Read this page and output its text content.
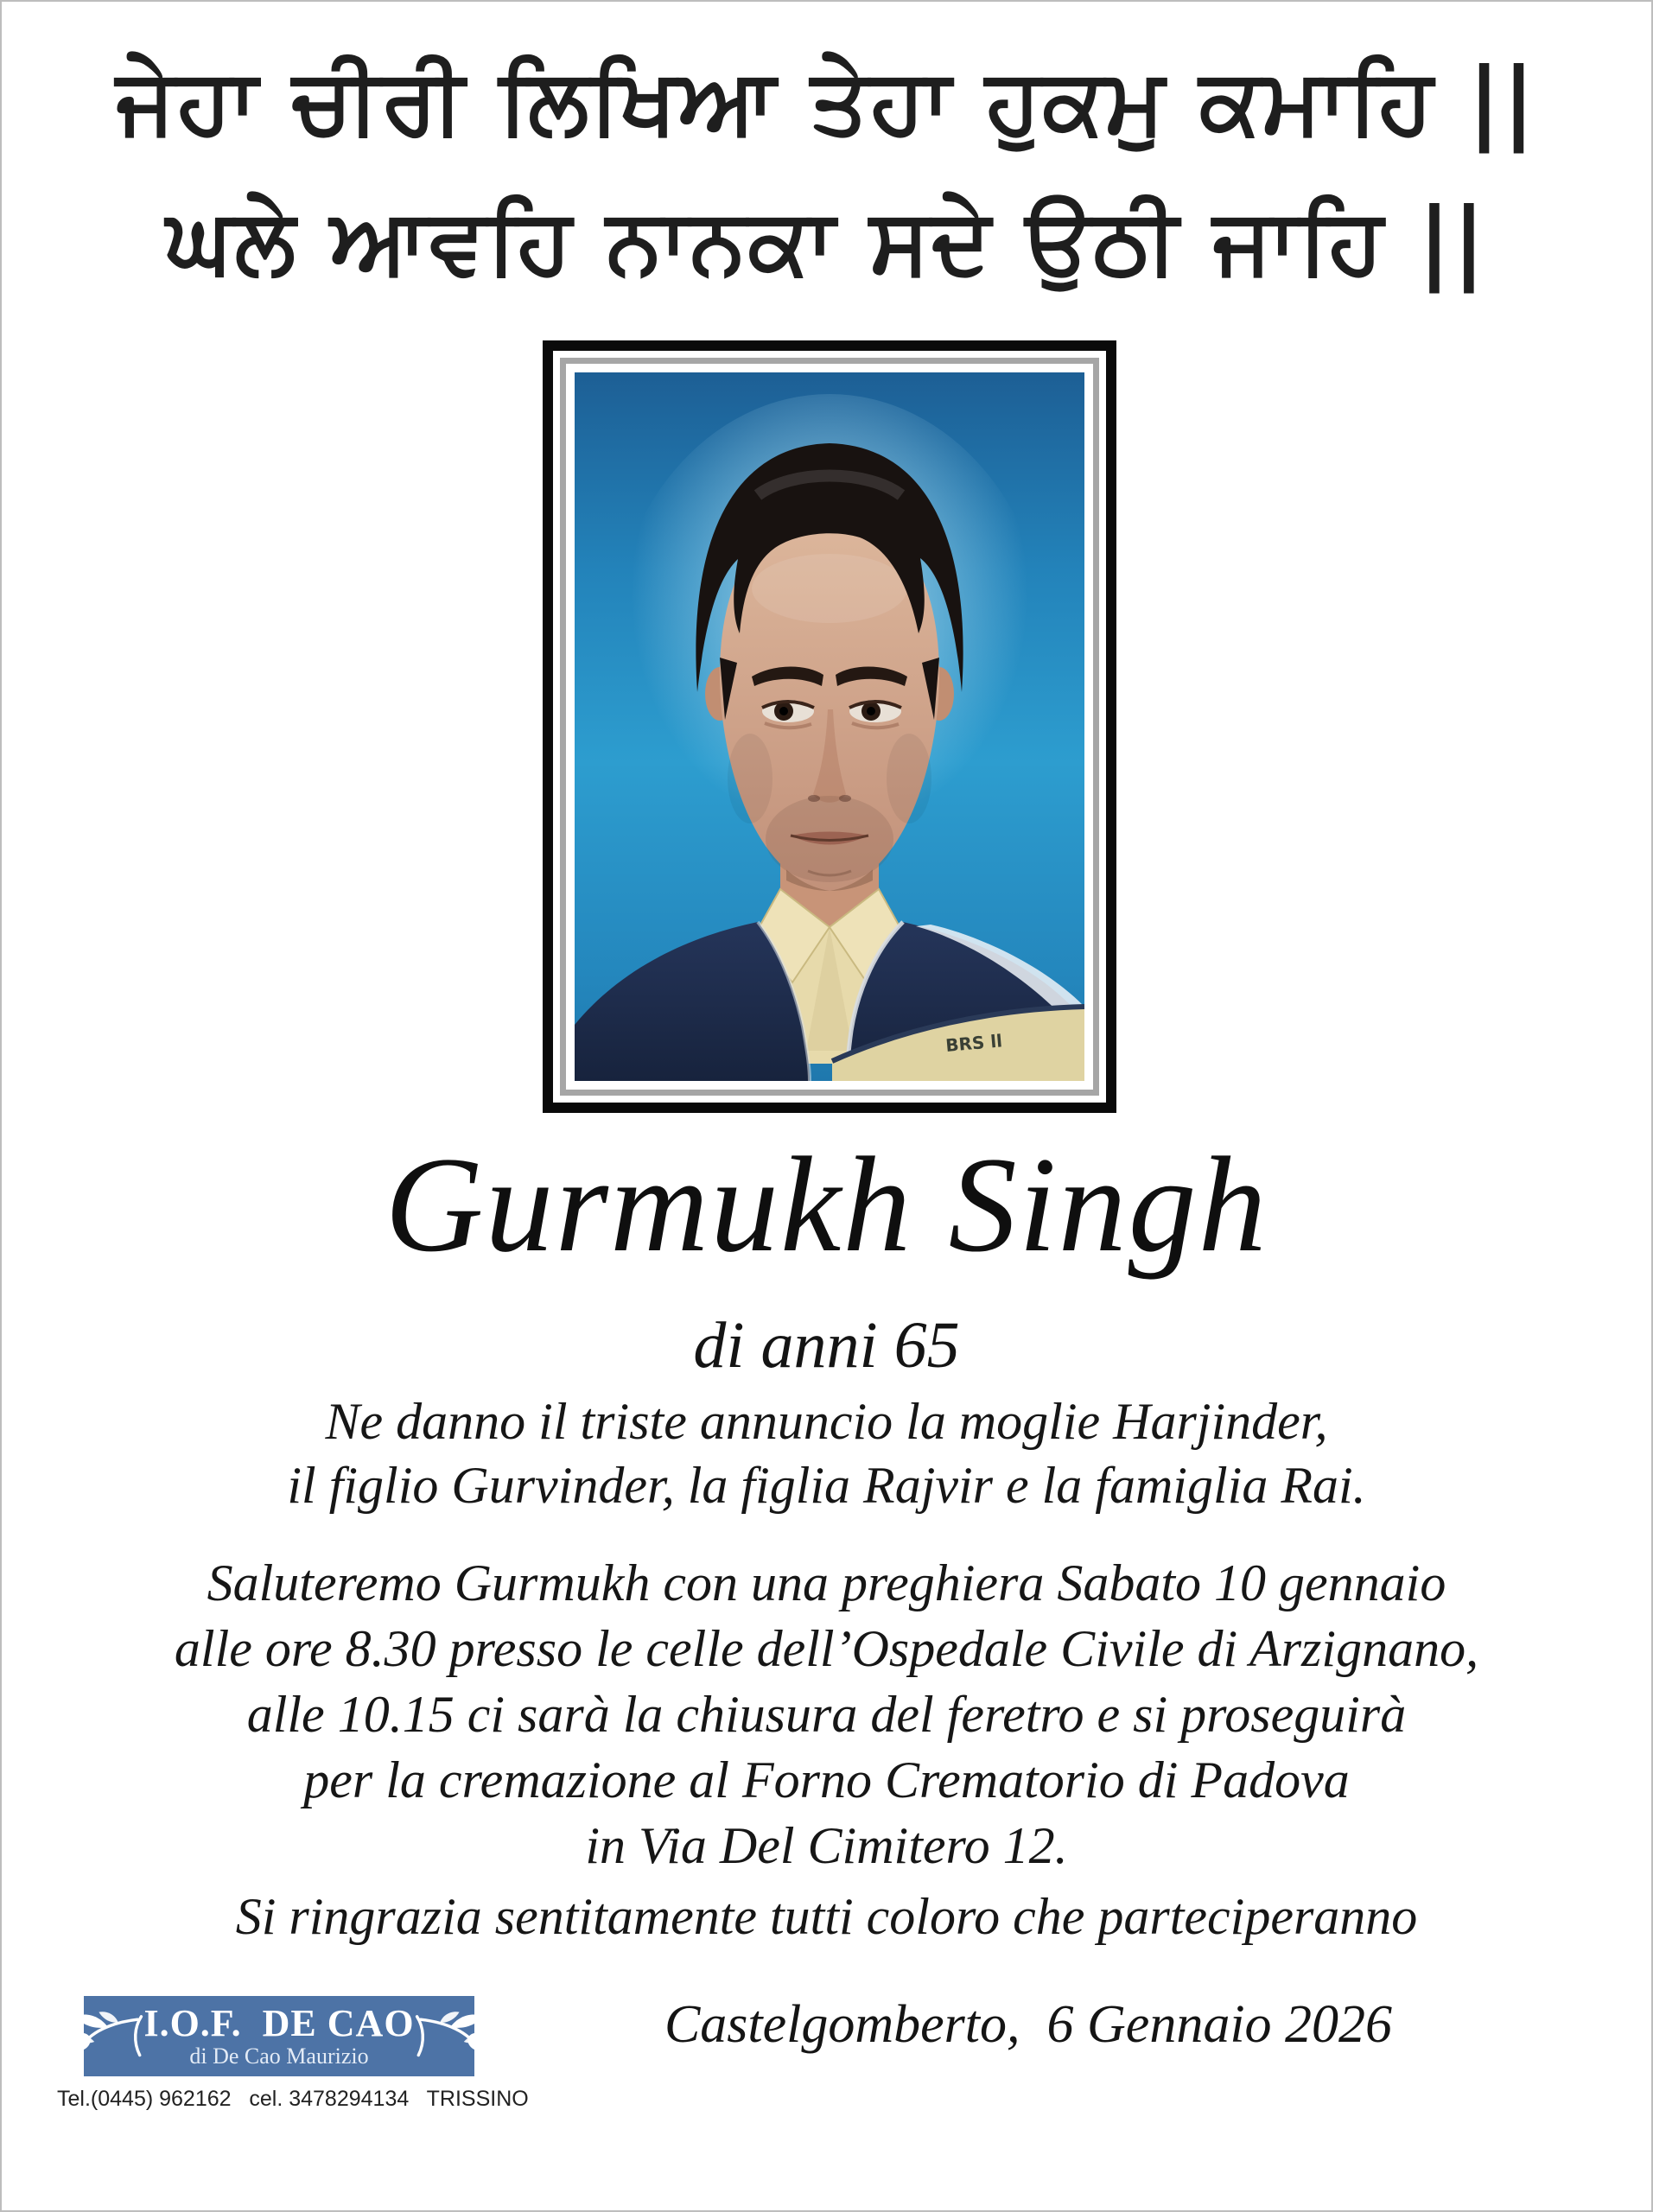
ਜੇਹਾ ਚੀਰੀ ਲਿਖਿਆ ਤੇਹਾ ਹੁਕਮੁ ਕਮਾਹਿ ||
ਘਲੇ ਆਵਹਿ ਨਾਨਕਾ ਸਦੇ ਉਠੀ ਜਾਹਿ ||
BRS ll
Gurmukh Singh
di anni 65
Ne danno il triste annuncio la moglie Harjinder,
il figlio Gurvinder, la figlia Rajvir e la famiglia Rai.
Saluteremo Gurmukh con una preghiera Sabato 10 gennaio
alle ore 8.30 presso le celle dell’Ospedale Civile di Arzignano,
alle 10.15 ci sarà la chiusura del feretro e si proseguirà
per la cremazione al Forno Crematorio di Padova
in Via Del Cimitero 12.
Si ringrazia sentitamente tutti coloro che parteciperanno
I.O.F.  DE CAO
di De Cao Maurizio
Tel.(0445) 962162   cel. 3478294134   TRISSINO
Castelgomberto,  6 Gennaio 2026
